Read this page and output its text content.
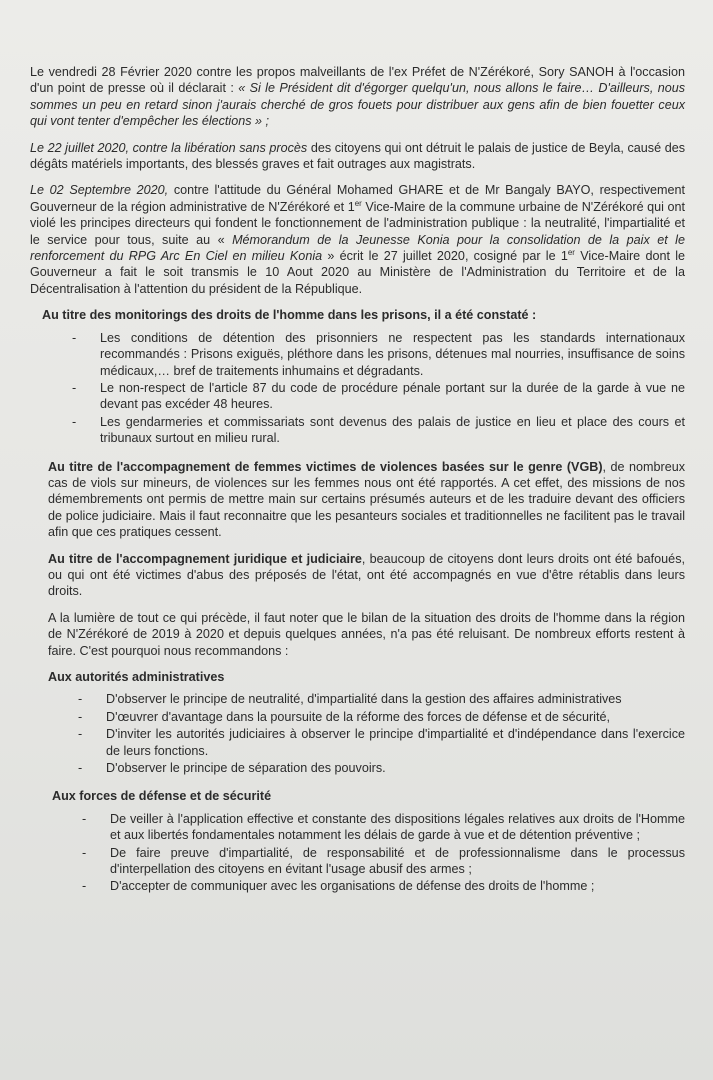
Le vendredi 28 Février 2020 contre les propos malveillants de l'ex Préfet de N'Zérékoré, Sory SANOH à l'occasion d'un point de presse où il déclarait : « Si le Président dit d'égorger quelqu'un, nous allons le faire… D'ailleurs, nous sommes un peu en retard sinon j'aurais cherché de gros fouets pour distribuer aux gens afin de bien fouetter ceux qui vont tenter d'empêcher les élections » ;

Le 22 juillet 2020, contre la libération sans procès des citoyens qui ont détruit le palais de justice de Beyla, causé des dégâts matériels importants, des blessés graves et fait outrages aux magistrats.

Le 02 Septembre 2020, contre l'attitude du Général Mohamed GHARE et de Mr Bangaly BAYO, respectivement Gouverneur de la région administrative de N'Zérékoré et 1er Vice-Maire de la commune urbaine de N'Zérékoré qui ont violé les principes directeurs qui fondent le fonctionnement de l'administration publique : la neutralité, l'impartialité et le service pour tous, suite au « Mémorandum de la Jeunesse Konia pour la consolidation de la paix et le renforcement du RPG Arc En Ciel en milieu Konia » écrit le 27 juillet 2020, cosigné par le 1er Vice-Maire dont le Gouverneur a fait le soit transmis le 10 Aout 2020 au Ministère de l'Administration du Territoire et de la Décentralisation à l'attention du président de la République.

Au titre des monitorings des droits de l'homme dans les prisons, il a été constaté :
- Les conditions de détention des prisonniers ne respectent pas les standards internationaux recommandés : Prisons exiguës, pléthore dans les prisons, détenues mal nourries, insuffisance de soins médicaux,… bref de traitements inhumains et dégradants.
- Le non-respect de l'article 87 du code de procédure pénale portant sur la durée de la garde à vue ne devant pas excéder 48 heures.
- Les gendarmeries et commissariats sont devenus des palais de justice en lieu et place des cours et tribunaux surtout en milieu rural.

Au titre de l'accompagnement de femmes victimes de violences basées sur le genre (VGB), de nombreux cas de viols sur mineurs, de violences sur les femmes nous ont été rapportés. A cet effet, des missions de nos démembrements ont permis de mettre main sur certains présumés auteurs et de les traduire devant des officiers de police judiciaire. Mais il faut reconnaitre que les pesanteurs sociales et traditionnelles ne facilitent pas le travail afin que ces pratiques cessent.

Au titre de l'accompagnement juridique et judiciaire, beaucoup de citoyens dont leurs droits ont été bafoués, ou qui ont été victimes d'abus des préposés de l'état, ont été accompagnés en vue d'être rétablis dans leurs droits.

A la lumière de tout ce qui précède, il faut noter que le bilan de la situation des droits de l'homme dans la région de N'Zérékoré de 2019 à 2020 et depuis quelques années, n'a pas été reluisant. De nombreux efforts restent à faire. C'est pourquoi nous recommandons :

Aux autorités administratives
- D'observer le principe de neutralité, d'impartialité dans la gestion des affaires administratives
- D'œuvrer d'avantage dans la poursuite de la réforme des forces de défense et de sécurité,
- D'inviter les autorités judiciaires à observer le principe d'impartialité et d'indépendance dans l'exercice de leurs fonctions.
- D'observer le principe de séparation des pouvoirs.
Aux forces de défense et de sécurité
- De veiller à l'application effective et constante des dispositions légales relatives aux droits de l'Homme et aux libertés fondamentales notamment les délais de garde à vue et de détention préventive ;
- De faire preuve d'impartialité, de responsabilité et de professionnalisme dans le processus d'interpellation des citoyens en évitant l'usage abusif des armes ;
- D'accepter de communiquer avec les organisations de défense des droits de l'homme ;
